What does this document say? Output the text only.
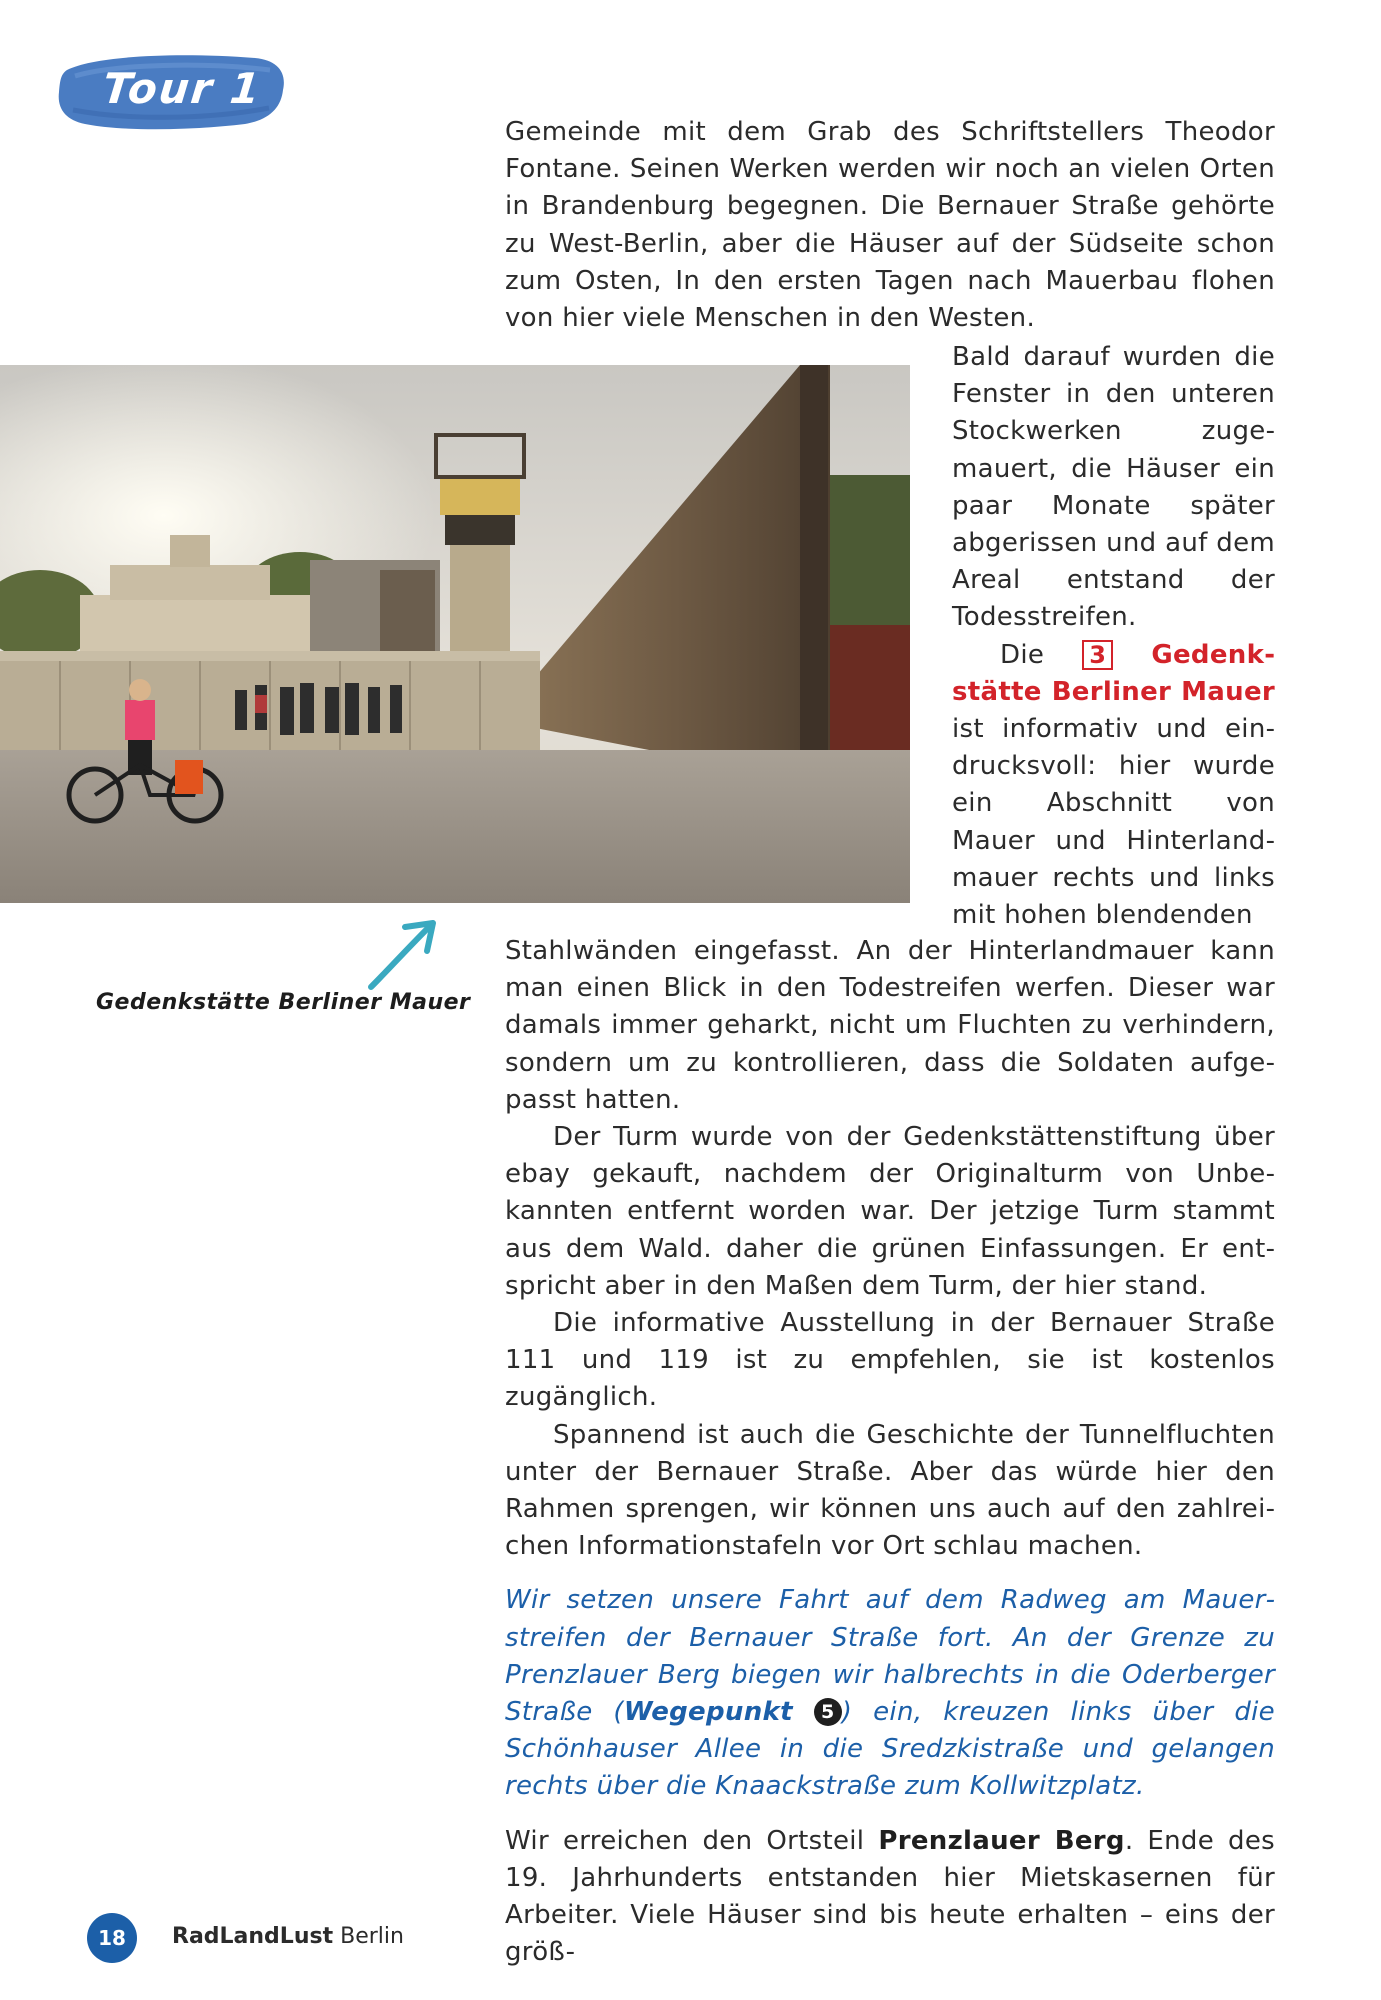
Tour 1

Gemeinde mit dem Grab des Schriftstellers Theodor Fontane. Seinen Werken werden wir noch an vielen Orten in Brandenburg begegnen. Die Bernauer Straße gehörte zu West-Berlin, aber die Häuser auf der Südseite schon zum Osten, In den ersten Tagen nach Mauerbau flohen von hier viele Menschen in den Westen.

Bald darauf wurden die Fenster in den unteren Stockwerken zugemauert, die Häuser ein paar Monate später abgerissen und auf dem Areal entstand der Todesstreifen.

Die 3 Gedenkstätte Berliner Mauer ist informativ und eindrucksvoll: hier wurde ein Abschnitt von Mauer und Hinterlandmauer rechts und links mit hohen blendenden

Gedenkstätte Berliner Mauer

Stahlwänden eingefasst. An der Hinterlandmauer kann man einen Blick in den Todestreifen werfen. Dieser war damals immer geharkt, nicht um Fluchten zu verhindern, sondern um zu kontrollieren, dass die Soldaten aufgepasst hatten.

Der Turm wurde von der Gedenkstättenstiftung über ebay gekauft, nachdem der Originalturm von Unbekannten entfernt worden war. Der jetzige Turm stammt aus dem Wald. daher die grünen Einfassungen. Er entspricht aber in den Maßen dem Turm, der hier stand.

Die informative Ausstellung in der Bernauer Straße 111 und 119 ist zu empfehlen, sie ist kostenlos zugänglich.

Spannend ist auch die Geschichte der Tunnelfluchten unter der Bernauer Straße. Aber das würde hier den Rahmen sprengen, wir können uns auch auf den zahlreichen Informationstafeln vor Ort schlau machen.

Wir setzen unsere Fahrt auf dem Radweg am Mauerstreifen der Bernauer Straße fort. An der Grenze zu Prenzlauer Berg biegen wir halbrechts in die Oderberger Straße (Wegepunkt 5 ) ein, kreuzen links über die Schönhauser Allee in die Sredzkistraße und gelangen rechts über die Knaackstraße zum Kollwitzplatz.

Wir erreichen den Ortsteil Prenzlauer Berg. Ende des 19. Jahrhunderts entstanden hier Mietskasernen für Arbeiter. Viele Häuser sind bis heute erhalten – eins der größ-

18	RadLandLust Berlin
